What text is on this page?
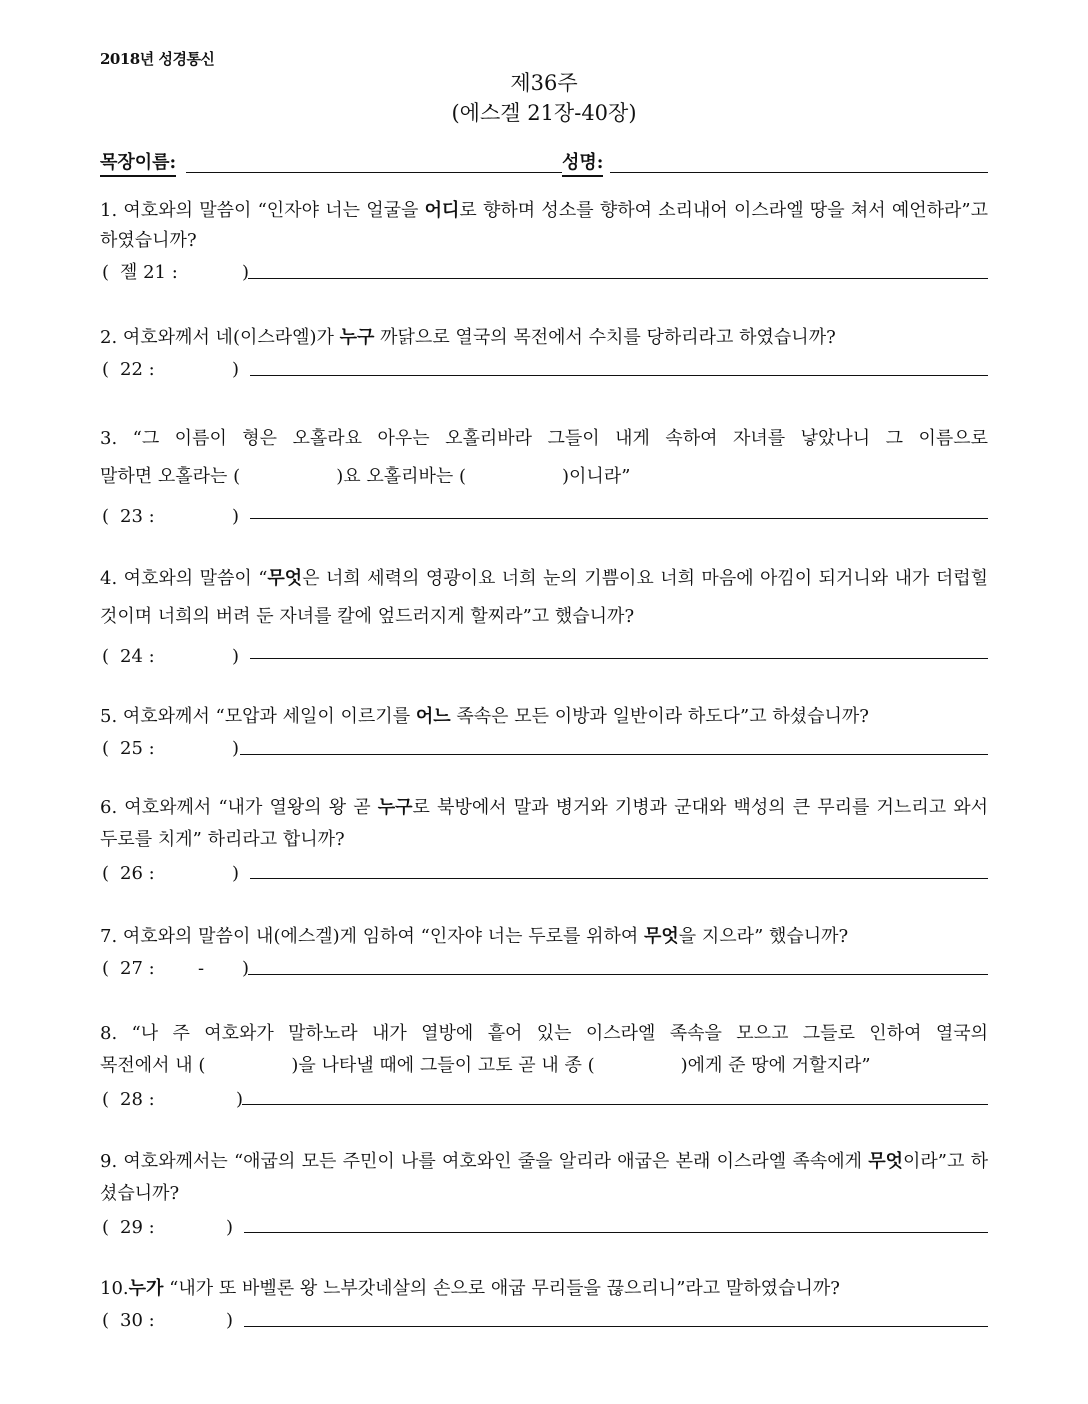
2018년 성경통신
제36주
(에스겔 21장-40장)
목장이름:	성명:

1. 여호와의 말씀이 “인자야 너는 얼굴을 어디로 향하며 성소를 향하여 소리내어 이스라엘 땅을 쳐서 예언하라”고 하였습니까?

( 젤 21 :	)

2. 여호와께서 네(이스라엘)가 누구 까닭으로 열국의 목전에서 수치를 당하리라고 하였습니까?

( 22 :	)

3. “그 이름이 형은 오홀라요 아우는 오홀리바라 그들이 내게 속하여 자녀를 낳았나니 그 이름으로

말하면 오홀라는 (	)요 오홀리바는 (	)이니라”

( 23 :	)

4. 여호와의 말씀이 “무엇은 너희 세력의 영광이요 너희 눈의 기쁨이요 너희 마음에 아낌이 되거니와 내가 더럽힐 것이며 너희의 버려 둔 자녀를 칼에 엎드러지게 할찌라”고 했습니까?

( 24 :	)

5. 여호와께서 “모압과 세일이 이르기를 어느 족속은 모든 이방과 일반이라 하도다”고 하셨습니까?

( 25 :	)

6. 여호와께서 “내가 열왕의 왕 곧 누구로 북방에서 말과 병거와 기병과 군대와 백성의 큰 무리를 거느리고 와서 두로를 치게” 하리라고 합니까?

( 26 :	)

7. 여호와의 말씀이 내(에스겔)게 임하여 “인자야 너는 두로를 위하여 무엇을 지으라” 했습니까?

( 27 : - )

8. “나 주 여호와가 말하노라 내가 열방에 흩어 있는 이스라엘 족속을 모으고 그들로 인하여 열국의

목전에서 내 (	)을 나타낼 때에 그들이 고토 곧 내 종 (	)에게 준 땅에 거할지라”

( 28 :	)

9. 여호와께서는 “애굽의 모든 주민이 나를 여호와인 줄을 알리라 애굽은 본래 이스라엘 족속에게 무엇이라”고 하셨습니까?

( 29 :	)

10.누가 “내가 또 바벨론 왕 느부갓네살의 손으로 애굽 무리들을 끊으리니”라고 말하였습니까?

( 30 :	)
